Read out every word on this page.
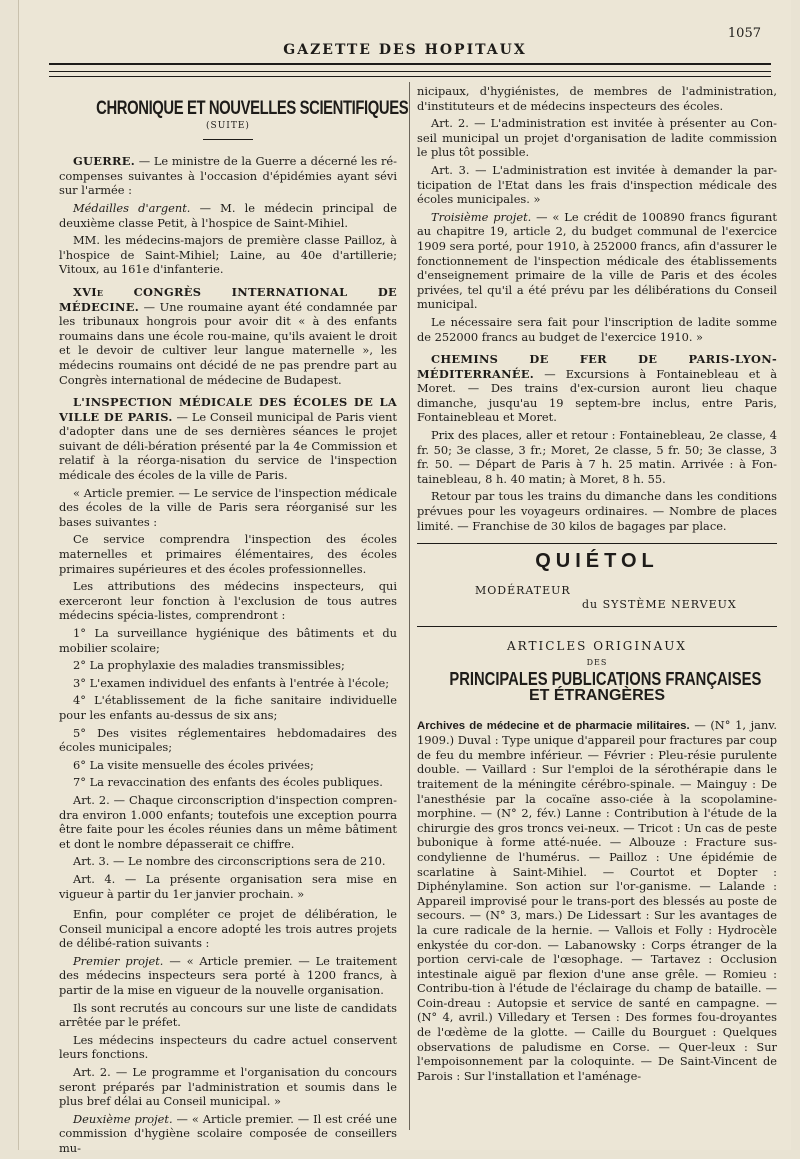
1057
GAZETTE DES HOPITAUX
CHRONIQUE ET NOUVELLES SCIENTIFIQUES
(SUITE)

GUERRE. — Le ministre de la Guerre a décerné les ré-compenses suivantes à l'occasion d'épidémies ayant sévi sur l'armée :

Médailles d'argent. — M. le médecin principal de deuxième classe Petit, à l'hospice de Saint-Mihiel.

MM. les médecins-majors de première classe Pailloz, à l'hospice de Saint-Mihiel; Laine, au 40e d'artillerie; Vitoux, au 161e d'infanterie.

XVIe CONGRÈS INTERNATIONAL DE MÉDECINE. — Une roumaine ayant été condamnée par les tribunaux hongrois pour avoir dit « à des enfants roumains dans une école rou-maine, qu'ils avaient le droit et le devoir de cultiver leur langue maternelle », les médecins roumains ont décidé de ne pas prendre part au Congrès international de médecine de Budapest.

L'INSPECTION MÉDICALE DES ÉCOLES DE LA VILLE DE PARIS. — Le Conseil municipal de Paris vient d'adopter dans une de ses dernières séances le projet suivant de déli-bération présenté par la 4e Commission et relatif à la réorga-nisation du service de l'inspection médicale des écoles de la ville de Paris.

« Article premier. — Le service de l'inspection médicale des écoles de la ville de Paris sera réorganisé sur les bases suivantes :

Ce service comprendra l'inspection des écoles maternelles et primaires élémentaires, des écoles primaires supérieures et des écoles professionnelles.

Les attributions des médecins inspecteurs, qui exerceront leur fonction à l'exclusion de tous autres médecins spécia-listes, comprendront :

1° La surveillance hygiénique des bâtiments et du mobilier scolaire;

2° La prophylaxie des maladies transmissibles;

3° L'examen individuel des enfants à l'entrée à l'école;

4° L'établissement de la fiche sanitaire individuelle pour les enfants au-dessus de six ans;

5° Des visites réglementaires hebdomadaires des écoles municipales;

6° La visite mensuelle des écoles privées;

7° La revaccination des enfants des écoles publiques.

Art. 2. — Chaque circonscription d'inspection compren-dra environ 1.000 enfants; toutefois une exception pourra être faite pour les écoles réunies dans un même bâtiment et dont le nombre dépasserait ce chiffre.

Art. 3. — Le nombre des circonscriptions sera de 210.

Art. 4. — La présente organisation sera mise en vigueur à partir du 1er janvier prochain. »

Enfin, pour compléter ce projet de délibération, le Conseil municipal a encore adopté les trois autres projets de délibé-ration suivants :

Premier projet. — « Article premier. — Le traitement des médecins inspecteurs sera porté à 1200 francs, à partir de la mise en vigueur de la nouvelle organisation.

Ils sont recrutés au concours sur une liste de candidats arrêtée par le préfet.

Les médecins inspecteurs du cadre actuel conservent leurs fonctions.

Art. 2. — Le programme et l'organisation du concours seront préparés par l'administration et soumis dans le plus bref délai au Conseil municipal. »

Deuxième projet. — « Article premier. — Il est créé une commission d'hygiène scolaire composée de conseillers mu-

nicipaux, d'hygiénistes, de membres de l'administration, d'instituteurs et de médecins inspecteurs des écoles.

Art. 2. — L'administration est invitée à présenter au Con-seil municipal un projet d'organisation de ladite commission le plus tôt possible.

Art. 3. — L'administration est invitée à demander la par-ticipation de l'Etat dans les frais d'inspection médicale des écoles municipales. »

Troisième projet. — « Le crédit de 100890 francs figurant au chapitre 19, article 2, du budget communal de l'exercice 1909 sera porté, pour 1910, à 252000 francs, afin d'assurer le fonctionnement de l'inspection médicale des établissements d'enseignement primaire de la ville de Paris et des écoles privées, tel qu'il a été prévu par les délibérations du Conseil municipal.

Le nécessaire sera fait pour l'inscription de ladite somme de 252000 francs au budget de l'exercice 1910. »

CHEMINS DE FER DE PARIS-LYON-MÉDITERRANÉE. — Excursions à Fontainebleau et à Moret. — Des trains d'ex-cursion auront lieu chaque dimanche, jusqu'au 19 septem-bre inclus, entre Paris, Fontainebleau et Moret.

Prix des places, aller et retour : Fontainebleau, 2e classe, 4 fr. 50; 3e classe, 3 fr.; Moret, 2e classe, 5 fr. 50; 3e classe, 3 fr. 50. — Départ de Paris à 7 h. 25 matin. Arrivée : à Fon-tainebleau, 8 h. 40 matin; à Moret, 8 h. 55.

Retour par tous les trains du dimanche dans les conditions prévues pour les voyageurs ordinaires. — Nombre de places limité. — Franchise de 30 kilos de bagages par place.

QUIÉTOL
MODÉRATEUR
du SYSTÈME NERVEUX
ARTICLES ORIGINAUX
DES
PRINCIPALES PUBLICATIONS FRANÇAISES
ET ÉTRANGÈRES

Archives de médecine et de pharmacie militaires. — (N° 1, janv. 1909.) Duval : Type unique d'appareil pour fractures par coup de feu du membre inférieur. — Février : Pleu-résie purulente double. — Vaillard : Sur l'emploi de la sérothérapie dans le traitement de la méningite cérébro-spinale. — Mainguy : De l'anesthésie par la cocaïne asso-ciée à la scopolamine-morphine. — (N° 2, fév.) Lanne : Contribution à l'étude de la chirurgie des gros troncs vei-neux. — Tricot : Un cas de peste bubonique à forme atté-nuée. — Albouze : Fracture sus-condylienne de l'humérus. — Pailloz : Une épidémie de scarlatine à Saint-Mihiel. — Courtot et Dopter : Diphénylamine. Son action sur l'or-ganisme. — Lalande : Appareil improvisé pour le trans-port des blessés au poste de secours. — (N° 3, mars.) De Lidessart : Sur les avantages de la cure radicale de la hernie. — Vallois et Folly : Hydrocèle enkystée du cor-don. — Labanowsky : Corps étranger de la portion cervi-cale de l'œsophage. — Tartavez : Occlusion intestinale aiguë par flexion d'une anse grêle. — Romieu : Contribu-tion à l'étude de l'éclairage du champ de bataille. — Coin-dreau : Autopsie et service de santé en campagne. — (N° 4, avril.) Villedary et Tersen : Des formes fou-droyantes de l'œdème de la glotte. — Caille du Bourguet : Quelques observations de paludisme en Corse. — Quer-leux : Sur l'empoisonnement par la coloquinte. — De Saint-Vincent de Parois : Sur l'installation et l'aménage-
